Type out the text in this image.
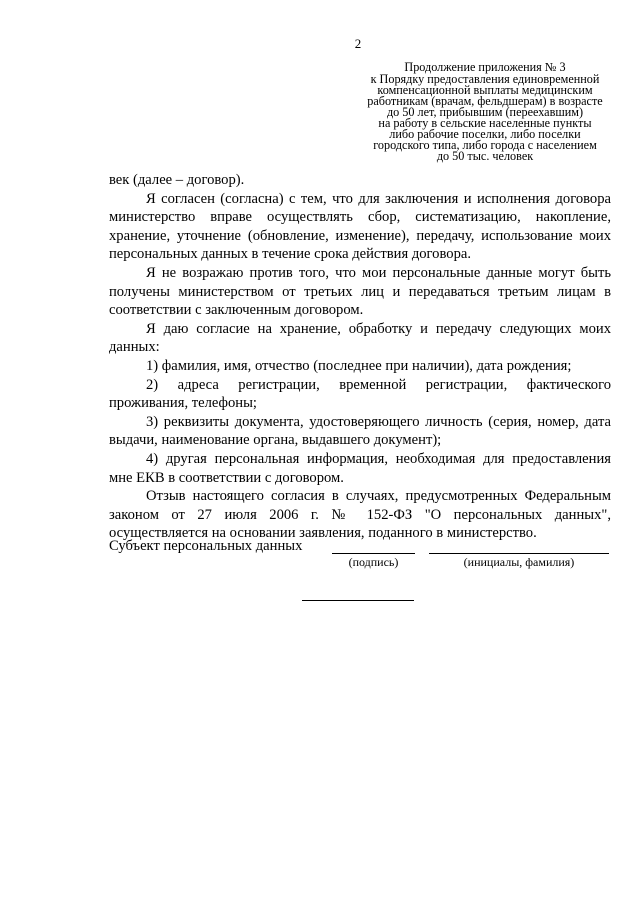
2
Продолжение приложения № 3
к Порядку предоставления единовременной
компенсационной выплаты медицинским
работникам (врачам, фельдшерам) в возрасте
до 50 лет, прибывшим (переехавшим)
на работу в сельские населенные пункты
либо рабочие поселки, либо поселки
городского типа, либо города с населением
до 50 тыс. человек

век (далее – договор).

Я согласен (согласна) с тем, что для заключения и исполнения договора министерство вправе осуществлять сбор, систематизацию, накопление, хранение, уточнение (обновление, изменение), передачу, использование моих персональных данных в течение срока действия договора.

Я не возражаю против того, что мои персональные данные могут быть получены министерством от третьих лиц и передаваться третьим лицам в соответствии с заключенным договором.

Я даю согласие на хранение, обработку и передачу следующих моих данных:

1) фамилия, имя, отчество (последнее при наличии), дата рождения;

2) адреса регистрации, временной регистрации, фактического проживания, телефоны;

3) реквизиты документа, удостоверяющего личность (серия, номер, дата выдачи, наименование органа, выдавшего документ);

4) другая персональная информация, необходимая для предоставления мне ЕКВ в соответствии с договором.

Отзыв настоящего согласия в случаях, предусмотренных Федеральным законом от 27 июля 2006 г. № 152-ФЗ "О персональных данных", осуществляется на основании заявления, поданного в министерство.

Субъект персональных данных
(подпись)	(инициалы, фамилия)
